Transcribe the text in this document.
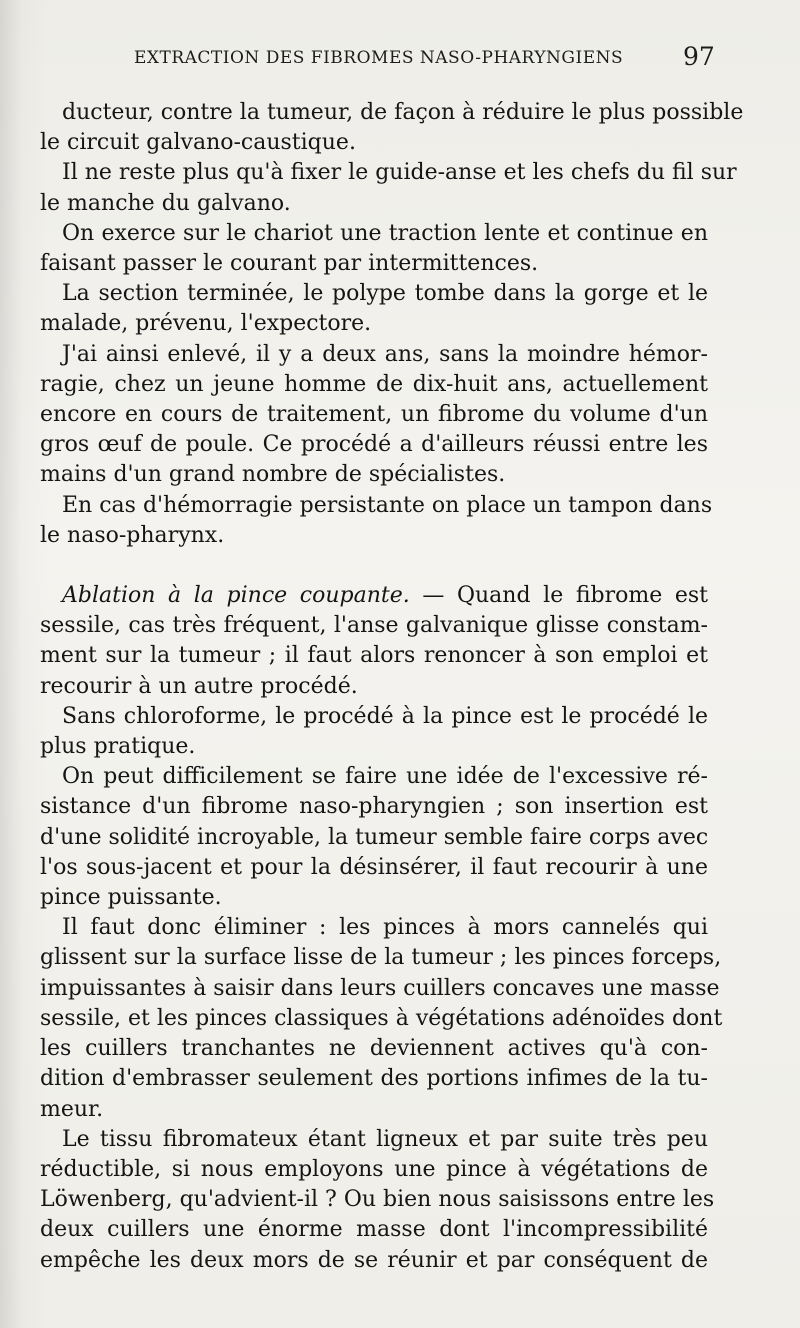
EXTRACTION DES FIBROMES NASO-PHARYNGIENS 97
ducteur, contre la tumeur, de façon à réduire le plus possible
le circuit galvano-caustique.
Il ne reste plus qu'à fixer le guide-anse et les chefs du fil sur
le manche du galvano.
On exerce sur le chariot une traction lente et continue en
faisant passer le courant par intermittences.
La section terminée, le polype tombe dans la gorge et le
malade, prévenu, l'expectore.
J'ai ainsi enlevé, il y a deux ans, sans la moindre hémor-
ragie, chez un jeune homme de dix-huit ans, actuellement
encore en cours de traitement, un fibrome du volume d'un
gros œuf de poule. Ce procédé a d'ailleurs réussi entre les
mains d'un grand nombre de spécialistes.
En cas d'hémorragie persistante on place un tampon dans
le naso-pharynx.
Ablation à la pince coupante. — Quand le fibrome est
sessile, cas très fréquent, l'anse galvanique glisse constam-
ment sur la tumeur ; il faut alors renoncer à son emploi et
recourir à un autre procédé.
Sans chloroforme, le procédé à la pince est le procédé le
plus pratique.
On peut difficilement se faire une idée de l'excessive ré-
sistance d'un fibrome naso-pharyngien ; son insertion est
d'une solidité incroyable, la tumeur semble faire corps avec
l'os sous-jacent et pour la désinsérer, il faut recourir à une
pince puissante.
Il faut donc éliminer : les pinces à mors cannelés qui
glissent sur la surface lisse de la tumeur ; les pinces forceps,
impuissantes à saisir dans leurs cuillers concaves une masse
sessile, et les pinces classiques à végétations adénoïdes dont
les cuillers tranchantes ne deviennent actives qu'à con-
dition d'embrasser seulement des portions infimes de la tu-
meur.
Le tissu fibromateux étant ligneux et par suite très peu
réductible, si nous employons une pince à végétations de
Löwenberg, qu'advient-il ? Ou bien nous saisissons entre les
deux cuillers une énorme masse dont l'incompressibilité
empêche les deux mors de se réunir et par conséquent de
